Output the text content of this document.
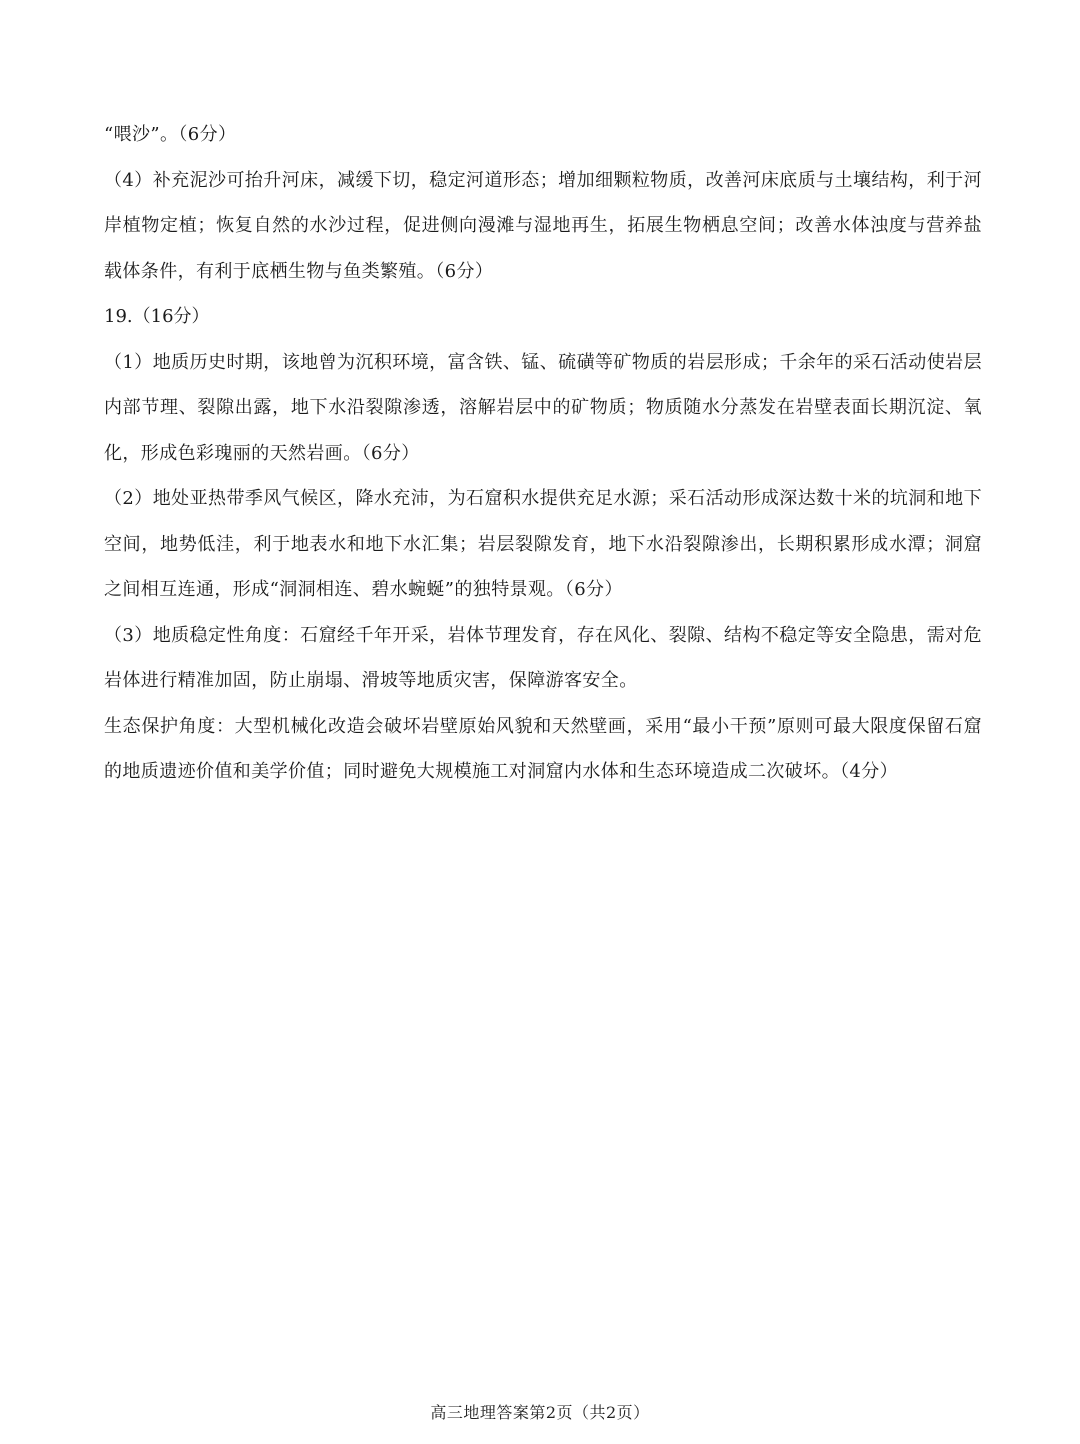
“喂沙”。（6分）

（4）补充泥沙可抬升河床，减缓下切，稳定河道形态；增加细颗粒物质，改善河床底质与土壤结构，利于河岸植物定植；恢复自然的水沙过程，促进侧向漫滩与湿地再生，拓展生物栖息空间；改善水体浊度与营养盐载体条件，有利于底栖生物与鱼类繁殖。（6分）

19.（16分）

（1）地质历史时期，该地曾为沉积环境，富含铁、锰、硫磺等矿物质的岩层形成；千余年的采石活动使岩层内部节理、裂隙出露，地下水沿裂隙渗透，溶解岩层中的矿物质；物质随水分蒸发在岩壁表面长期沉淀、氧化，形成色彩瑰丽的天然岩画。（6分）

（2）地处亚热带季风气候区，降水充沛，为石窟积水提供充足水源；采石活动形成深达数十米的坑洞和地下空间，地势低洼，利于地表水和地下水汇集；岩层裂隙发育，地下水沿裂隙渗出，长期积累形成水潭；洞窟之间相互连通，形成“洞洞相连、碧水蜿蜒”的独特景观。（6分）

（3）地质稳定性角度：石窟经千年开采，岩体节理发育，存在风化、裂隙、结构不稳定等安全隐患，需对危岩体进行精准加固，防止崩塌、滑坡等地质灾害，保障游客安全。

生态保护角度：大型机械化改造会破坏岩壁原始风貌和天然壁画，采用“最小干预”原则可最大限度保留石窟的地质遗迹价值和美学价值；同时避免大规模施工对洞窟内水体和生态环境造成二次破坏。（4分）

高三地理答案第2页（共2页）
